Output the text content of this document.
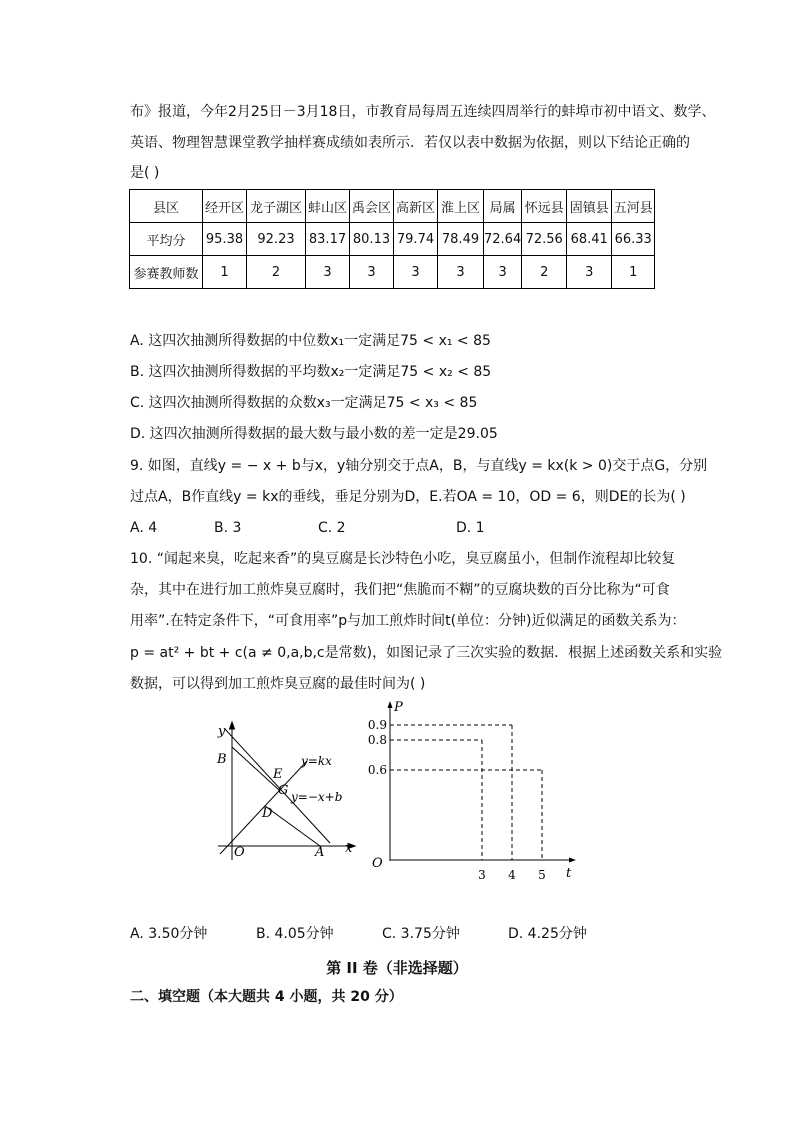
布》报道，今年2月25日－3月18日，市教育局每周五连续四周举行的蚌埠市初中语文、数学、
英语、物理智慧课堂教学抽样赛成绩如表所示．若仅以表中数据为依据，则以下结论正确的
是( )
县区	经开区	龙子湖区	蚌山区	禹会区	高新区	淮上区	局属	怀远县	固镇县	五河县
平均分	95.38	92.23	83.17	80.13	79.74	78.49	72.64	72.56	68.41	66.33
参赛教师数	1	2	3	3	3	3	3	2	3	1
A. 这四次抽测所得数据的中位数x₁一定满足75 < x₁ < 85
B. 这四次抽测所得数据的平均数x₂一定满足75 < x₂ < 85
C. 这四次抽测所得数据的众数x₃一定满足75 < x₃ < 85
D. 这四次抽测所得数据的最大数与最小数的差一定是29.05
9. 如图，直线y = − x + b与x，y轴分别交于点A，B，与直线y = kx(k > 0)交于点G，分别
过点A，B作直线y = kx的垂线，垂足分别为D，E.若OA = 10，OD = 6，则DE的长为( )
A. 4	B. 3	C. 2	D. 1
10. “闻起来臭，吃起来香”的臭豆腐是长沙特色小吃，臭豆腐虽小，但制作流程却比较复
杂，其中在进行加工煎炸臭豆腐时，我们把“焦脆而不糊”的豆腐块数的百分比称为“可食
用率”.在特定条件下，“可食用率”p与加工煎炸时间t(单位：分钟)近似满足的函数关系为：
p = at² + bt + c(a ≠ 0,a,b,c是常数)，如图记录了三次实验的数据．根据上述函数关系和实验
数据，可以得到加工煎炸臭豆腐的最佳时间为( )
y
x
B
E
G
D
O	A
y=kx
y=−x+b
P
t
O
0.8
3
0.9
4
0.6
5
A. 3.50分钟	B. 4.05分钟	C. 3.75分钟	D. 4.25分钟
第 II 卷（非选择题）
二、填空题（本大题共 4 小题，共 20 分）
